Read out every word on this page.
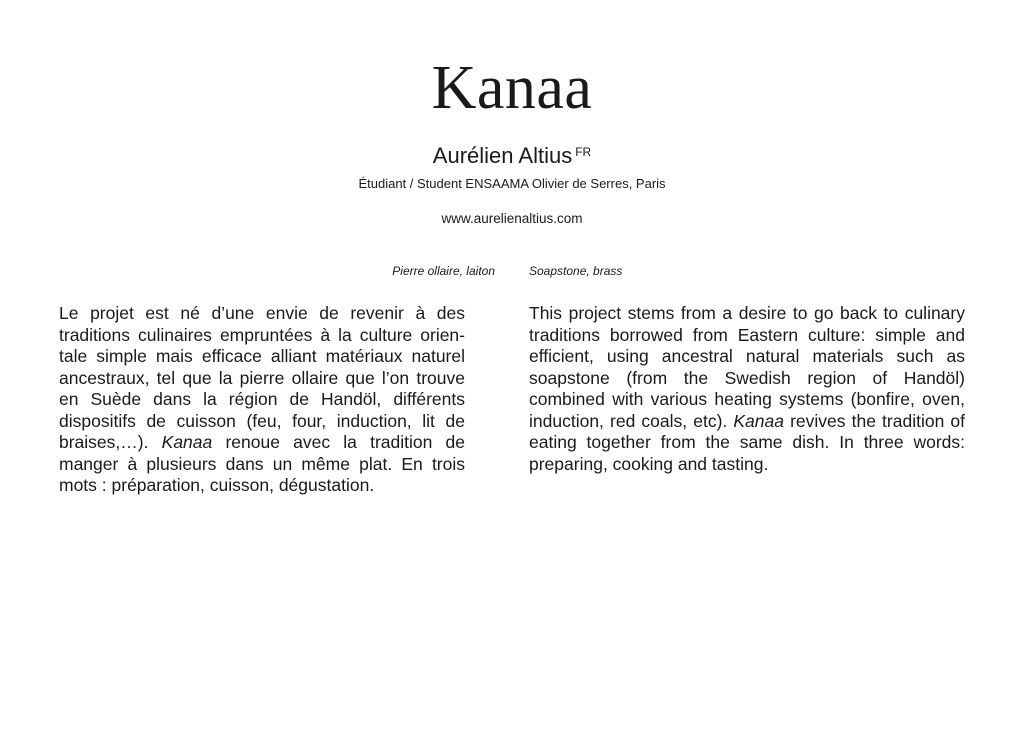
Kanaa
Aurélien Altius $^{FR}$
Étudiant / Student ENSAAMA Olivier de Serres, Paris
www.aurelienaltius.com
Pierre ollaire, laiton	Soapstone, brass
Le projet est né d’une envie de revenir à des traditions culinaires empruntées à la culture orientale simple mais efficace alliant matériaux naturel ancestraux, tel que la pierre ollaire que l’on trouve en Suède dans la région de Handöl, différents dispositifs de cuisson (feu, four, induction, lit de braises,…). Kanaa renoue avec la tradition de manger à plusieurs dans un même plat. En trois mots : préparation, cuisson, dégustation.
This project stems from a desire to go back to culinary traditions borrowed from Eastern culture: simple and efficient, using ancestral natural materials such as soapstone (from the Swedish region of Handöl) combined with various heating systems (bonfire, oven, induction, red coals, etc). Kanaa revives the tradition of eating together from the same dish. In three words: preparing, cooking and tasting.
